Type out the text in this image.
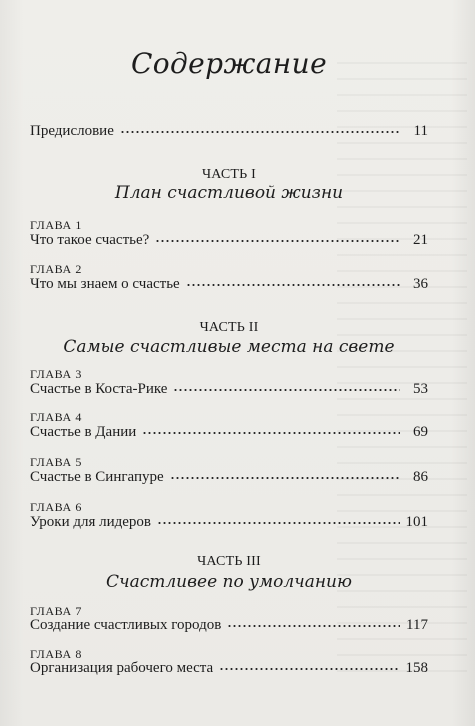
Содержание
Предисловие	11
ЧАСТЬ I
План счастливой жизни
ГЛАВА 1
Что такое счастье?	21
ГЛАВА 2
Что мы знаем о счастье	36
ЧАСТЬ II
Самые счастливые места на свете
ГЛАВА 3
Счастье в Коста-Рике	53
ГЛАВА 4
Счастье в Дании	69
ГЛАВА 5
Счастье в Сингапуре	86
ГЛАВА 6
Уроки для лидеров	101
ЧАСТЬ III
Счастливее по умолчанию
ГЛАВА 7
Создание счастливых городов	117
ГЛАВА 8
Организация рабочего места	158
